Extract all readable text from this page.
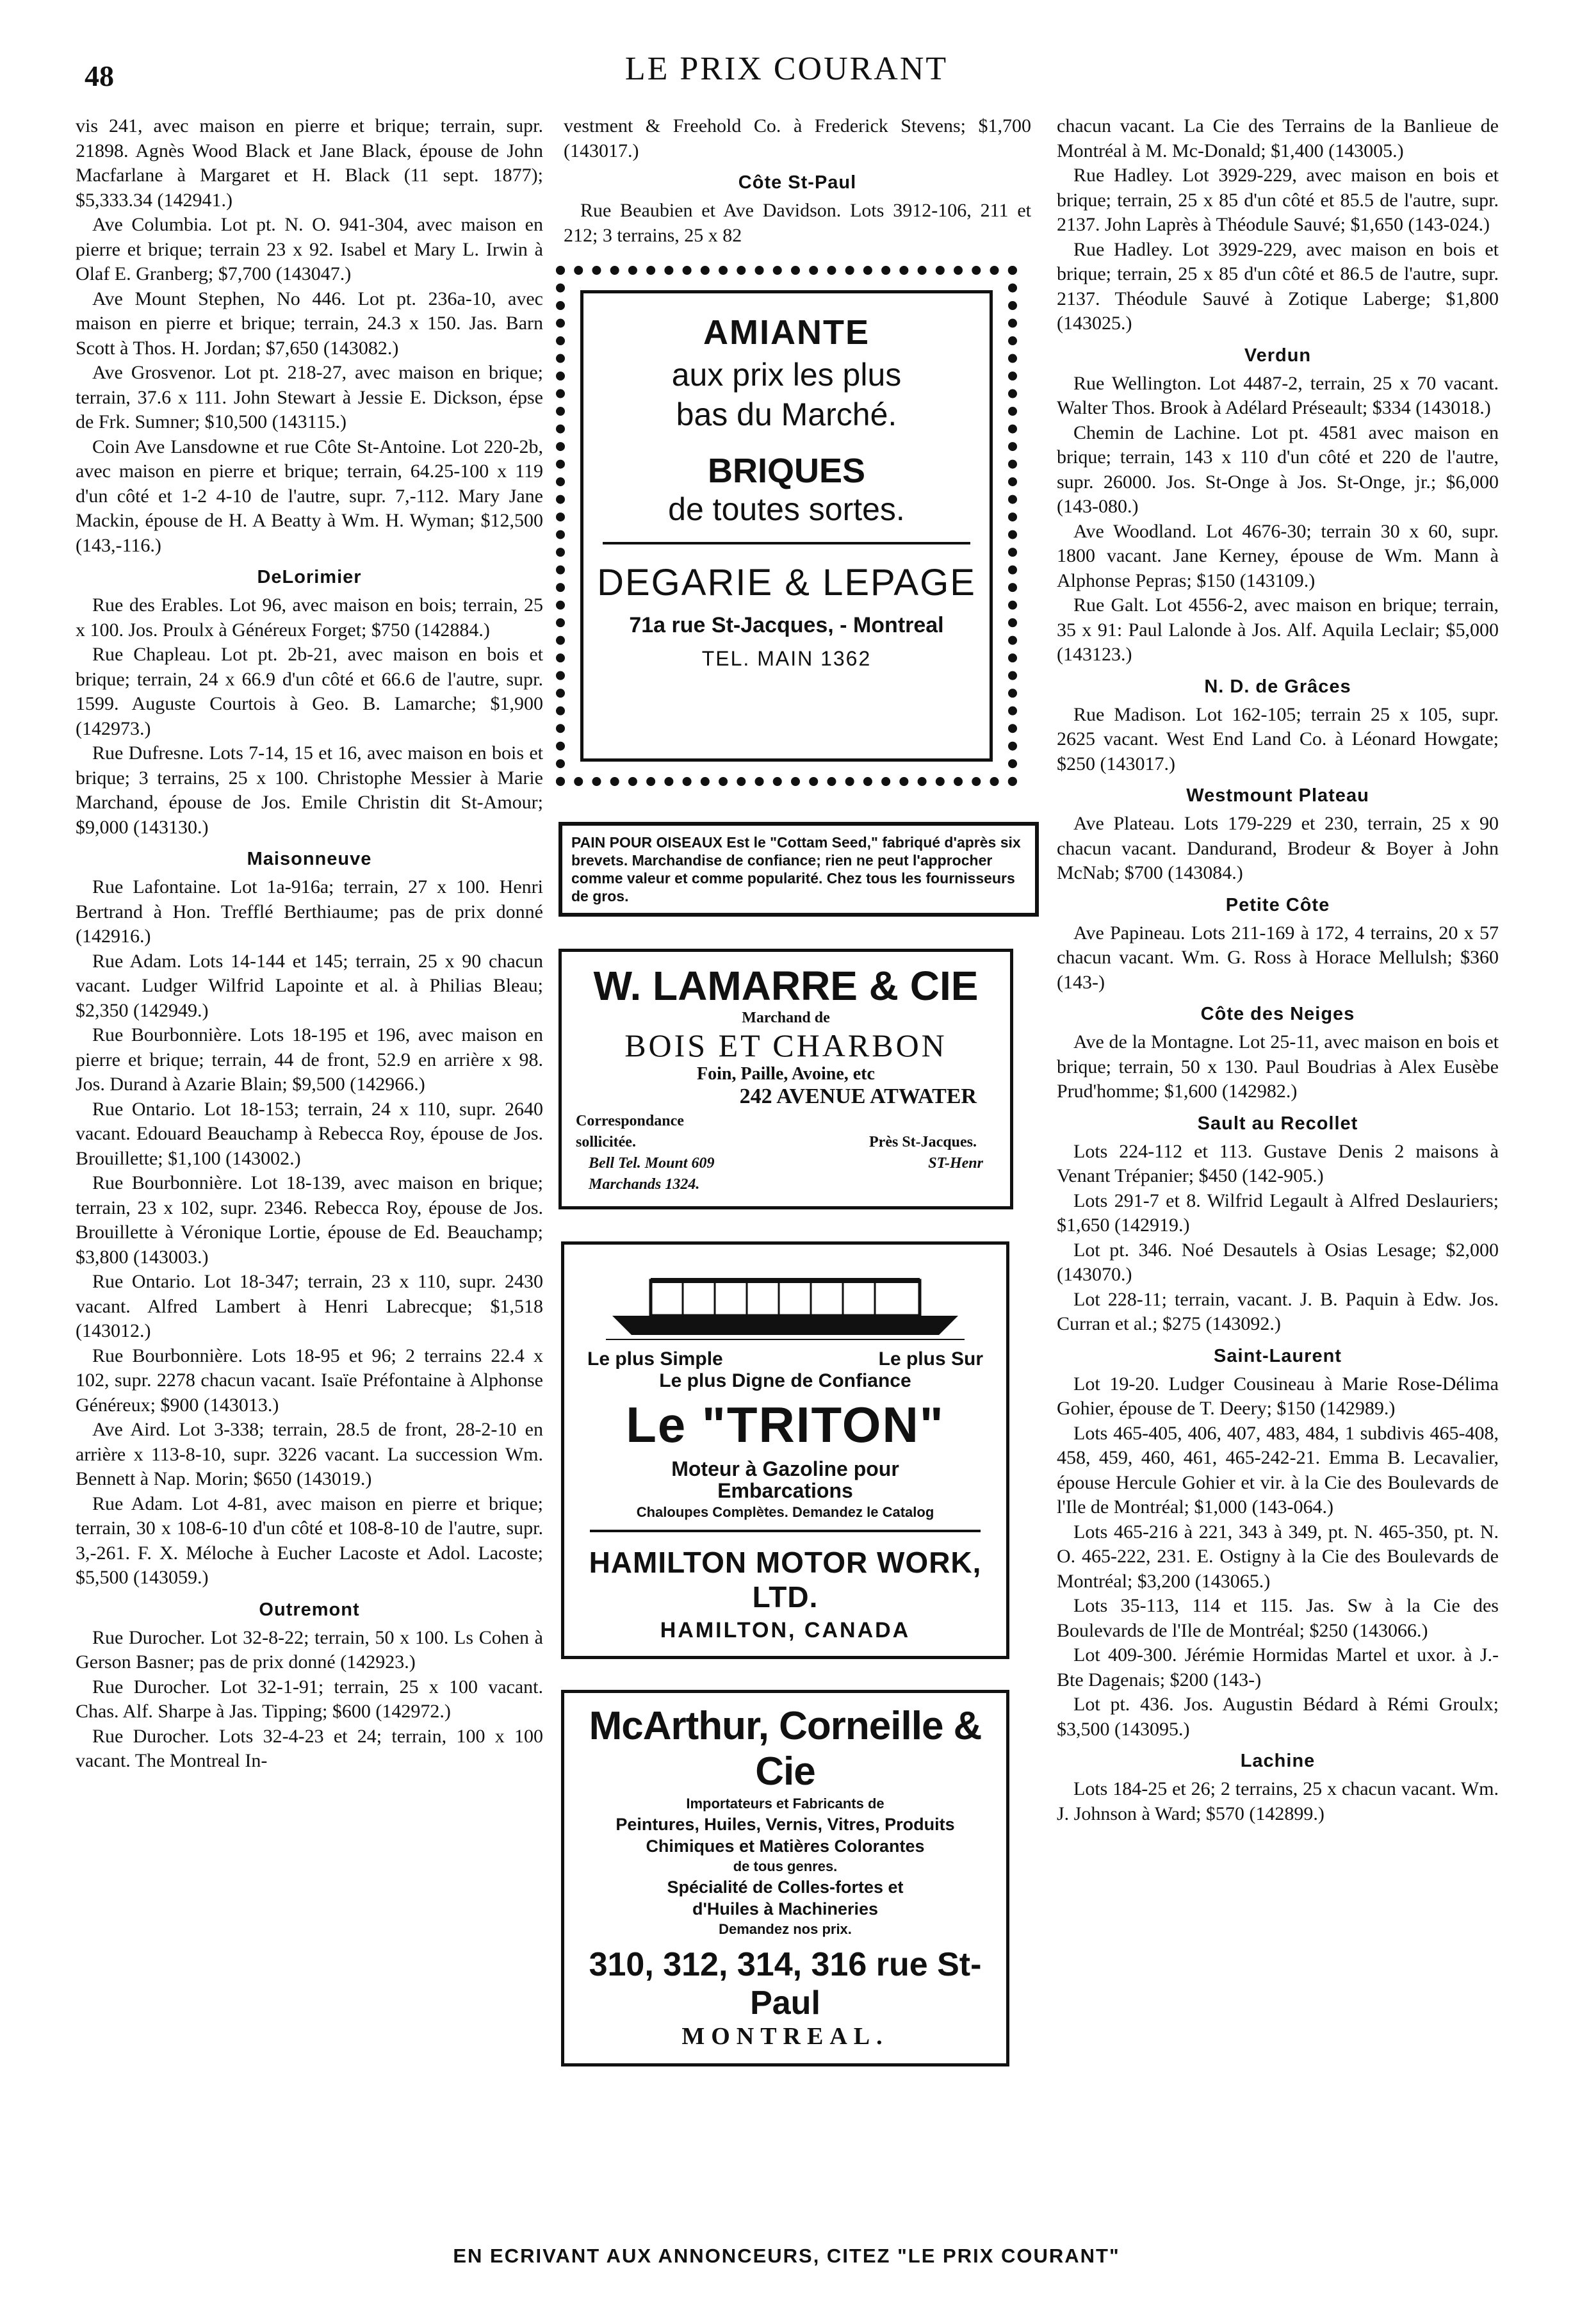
48	LE PRIX COURANT
vis 241, avec maison en pierre et brique; terrain, supr. 21898. Agnès Wood Black et Jane Black, épouse de John Macfarlane à Margaret et H. Black (11 sept. 1877); $5,333.34 (142941.)
Ave Columbia. Lot pt. N. O. 941-304, avec maison en pierre et brique; terrain 23 x 92. Isabel et Mary L. Irwin à Olaf E. Granberg; $7,700 (143047.)
Ave Mount Stephen, No 446. Lot pt. 236a-10, avec maison en pierre et brique; terrain, 24.3 x 150. Jas. Barn Scott à Thos. H. Jordan; $7,650 (143082.)
Ave Grosvenor. Lot pt. 218-27, avec maison en brique; terrain, 37.6 x 111. John Stewart à Jessie E. Dickson, épse de Frk. Sumner; $10,500 (143115.)
Coin Ave Lansdowne et rue Côte St-Antoine. Lot 220-2b, avec maison en pierre et brique; terrain, 64.25-100 x 119 d'un côté et 1-2 4-10 de l'autre, supr. 7,-112. Mary Jane Mackin, épouse de H. A Beatty à Wm. H. Wyman; $12,500 (143,-116.)
DeLorimier
Rue des Erables. Lot 96, avec maison en bois; terrain, 25 x 100. Jos. Proulx à Généreux Forget; $750 (142884.)
Rue Chapleau. Lot pt. 2b-21, avec maison en bois et brique; terrain, 24 x 66.9 d'un côté et 66.6 de l'autre, supr. 1599. Auguste Courtois à Geo. B. Lamarche; $1,900 (142973.)
Rue Dufresne. Lots 7-14, 15 et 16, avec maison en bois et brique; 3 terrains, 25 x 100. Christophe Messier à Marie Marchand, épouse de Jos. Emile Christin dit St-Amour; $9,000 (143130.)
Maisonneuve
Rue Lafontaine. Lot 1a-916a; terrain, 27 x 100. Henri Bertrand à Hon. Trefflé Berthiaume; pas de prix donné (142916.)
Rue Adam. Lots 14-144 et 145; terrain, 25 x 90 chacun vacant. Ludger Wilfrid Lapointe et al. à Philias Bleau; $2,350 (142949.)
Rue Bourbonnière. Lots 18-195 et 196, avec maison en pierre et brique; terrain, 44 de front, 52.9 en arrière x 98. Jos. Durand à Azarie Blain; $9,500 (142966.)
Rue Ontario. Lot 18-153; terrain, 24 x 110, supr. 2640 vacant. Edouard Beauchamp à Rebecca Roy, épouse de Jos. Brouillette; $1,100 (143002.)
Rue Bourbonnière. Lot 18-139, avec maison en brique; terrain, 23 x 102, supr. 2346. Rebecca Roy, épouse de Jos. Brouillette à Véronique Lortie, épouse de Ed. Beauchamp; $3,800 (143003.)
Rue Ontario. Lot 18-347; terrain, 23 x 110, supr. 2430 vacant. Alfred Lambert à Henri Labrecque; $1,518 (143012.)
Rue Bourbonnière. Lots 18-95 et 96; 2 terrains 22.4 x 102, supr. 2278 chacun vacant. Isaïe Préfontaine à Alphonse Généreux; $900 (143013.)
Ave Aird. Lot 3-338; terrain, 28.5 de front, 28-2-10 en arrière x 113-8-10, supr. 3226 vacant. La succession Wm. Bennett à Nap. Morin; $650 (143019.)
Rue Adam. Lot 4-81, avec maison en pierre et brique; terrain, 30 x 108-6-10 d'un côté et 108-8-10 de l'autre, supr. 3,-261. F. X. Méloche à Eucher Lacoste et Adol. Lacoste; $5,500 (143059.)
Outremont
Rue Durocher. Lot 32-8-22; terrain, 50 x 100. Ls Cohen à Gerson Basner; pas de prix donné (142923.)
Rue Durocher. Lot 32-1-91; terrain, 25 x 100 vacant. Chas. Alf. Sharpe à Jas. Tipping; $600 (142972.)
Rue Durocher. Lots 32-4-23 et 24; terrain, 100 x 100 vacant. The Montreal In-
vestment & Freehold Co. à Frederick Stevens; $1,700 (143017.)
Côte St-Paul
Rue Beaubien et Ave Davidson. Lots 3912-106, 211 et 212; 3 terrains, 25 x 82
AMIANTE
aux prix les plus
bas du Marché.
BRIQUES
de toutes sortes.
DEGARIE & LEPAGE
71a rue St-Jacques, - Montreal
TEL. MAIN 1362
PAIN POUR OISEAUX Est le "Cottam Seed," fabriqué d'après six brevets. Marchandise de confiance; rien ne peut l'approcher comme valeur et comme popularité. Chez tous les fournisseurs de gros.
W. LAMARRE & CIE
Marchand de
BOIS ET CHARBON
Foin, Paille, Avoine, etc
242 AVENUE ATWATER
Correspondance
sollicitée.	Près St-Jacques.
Bell Tel. Mount 609	ST-Henr
Marchands 1324.
Le plus Simple	Le plus Sur
Le plus Digne de Confiance
Le "TRITON"
Moteur à Gazoline pour
Embarcations
Chaloupes Complètes. Demandez le Catalog
HAMILTON MOTOR WORK, LTD.
HAMILTON, CANADA
McArthur, Corneille & Cie
Importateurs et Fabricants de
Peintures, Huiles, Vernis, Vitres, Produits Chimiques et Matières Colorantes
de tous genres.
Spécialité de Colles-fortes et
d'Huiles à Machineries
Demandez nos prix.
310, 312, 314, 316 rue St-Paul
MONTREAL.
chacun vacant. La Cie des Terrains de la Banlieue de Montréal à M. Mc-Donald; $1,400 (143005.)
Rue Hadley. Lot 3929-229, avec maison en bois et brique; terrain, 25 x 85 d'un côté et 85.5 de l'autre, supr. 2137. John Laprès à Théodule Sauvé; $1,650 (143-024.)
Rue Hadley. Lot 3929-229, avec maison en bois et brique; terrain, 25 x 85 d'un côté et 86.5 de l'autre, supr. 2137. Théodule Sauvé à Zotique Laberge; $1,800 (143025.)
Verdun
Rue Wellington. Lot 4487-2, terrain, 25 x 70 vacant. Walter Thos. Brook à Adélard Préseault; $334 (143018.)
Chemin de Lachine. Lot pt. 4581 avec maison en brique; terrain, 143 x 110 d'un côté et 220 de l'autre, supr. 26000. Jos. St-Onge à Jos. St-Onge, jr.; $6,000 (143-080.)
Ave Woodland. Lot 4676-30; terrain 30 x 60, supr. 1800 vacant. Jane Kerney, épouse de Wm. Mann à Alphonse Pepras; $150 (143109.)
Rue Galt. Lot 4556-2, avec maison en brique; terrain, 35 x 91: Paul Lalonde à Jos. Alf. Aquila Leclair; $5,000 (143123.)
N. D. de Grâces
Rue Madison. Lot 162-105; terrain 25 x 105, supr. 2625 vacant. West End Land Co. à Léonard Howgate; $250 (143017.)
Westmount Plateau
Ave Plateau. Lots 179-229 et 230, terrain, 25 x 90 chacun vacant. Dandurand, Brodeur & Boyer à John McNab; $700 (143084.)
Petite Côte
Ave Papineau. Lots 211-169 à 172, 4 terrains, 20 x 57 chacun vacant. Wm. G. Ross à Horace Mellulsh; $360 (143-)
Côte des Neiges
Ave de la Montagne. Lot 25-11, avec maison en bois et brique; terrain, 50 x 130. Paul Boudrias à Alex Eusèbe Prud'homme; $1,600 (142982.)
Sault au Recollet
Lots 224-112 et 113. Gustave Denis 2 maisons à Venant Trépanier; $450 (142-905.)
Lots 291-7 et 8. Wilfrid Legault à Alfred Deslauriers; $1,650 (142919.)
Lot pt. 346. Noé Desautels à Osias Lesage; $2,000 (143070.)
Lot 228-11; terrain, vacant. J. B. Paquin à Edw. Jos. Curran et al.; $275 (143092.)
Saint-Laurent
Lot 19-20. Ludger Cousineau à Marie Rose-Délima Gohier, épouse de T. Deery; $150 (142989.)
Lots 465-405, 406, 407, 483, 484, 1 subdivis 465-408, 458, 459, 460, 461, 465-242-21. Emma B. Lecavalier, épouse Hercule Gohier et vir. à la Cie des Boulevards de l'Ile de Montréal; $1,000 (143-064.)
Lots 465-216 à 221, 343 à 349, pt. N. 465-350, pt. N. O. 465-222, 231. E. Ostigny à la Cie des Boulevards de Montréal; $3,200 (143065.)
Lots 35-113, 114 et 115. Jas. Sw à la Cie des Boulevards de l'Ile de Montréal; $250 (143066.)
Lot 409-300. Jérémie Hormidas Martel et uxor. à J.-Bte Dagenais; $200 (143-)
Lot pt. 436. Jos. Augustin Bédard à Rémi Groulx; $3,500 (143095.)
Lachine
Lots 184-25 et 26; 2 terrains, 25 x chacun vacant. Wm. J. Johnson à Ward; $570 (142899.)
EN ECRIVANT AUX ANNONCEURS, CITEZ "LE PRIX COURANT"
